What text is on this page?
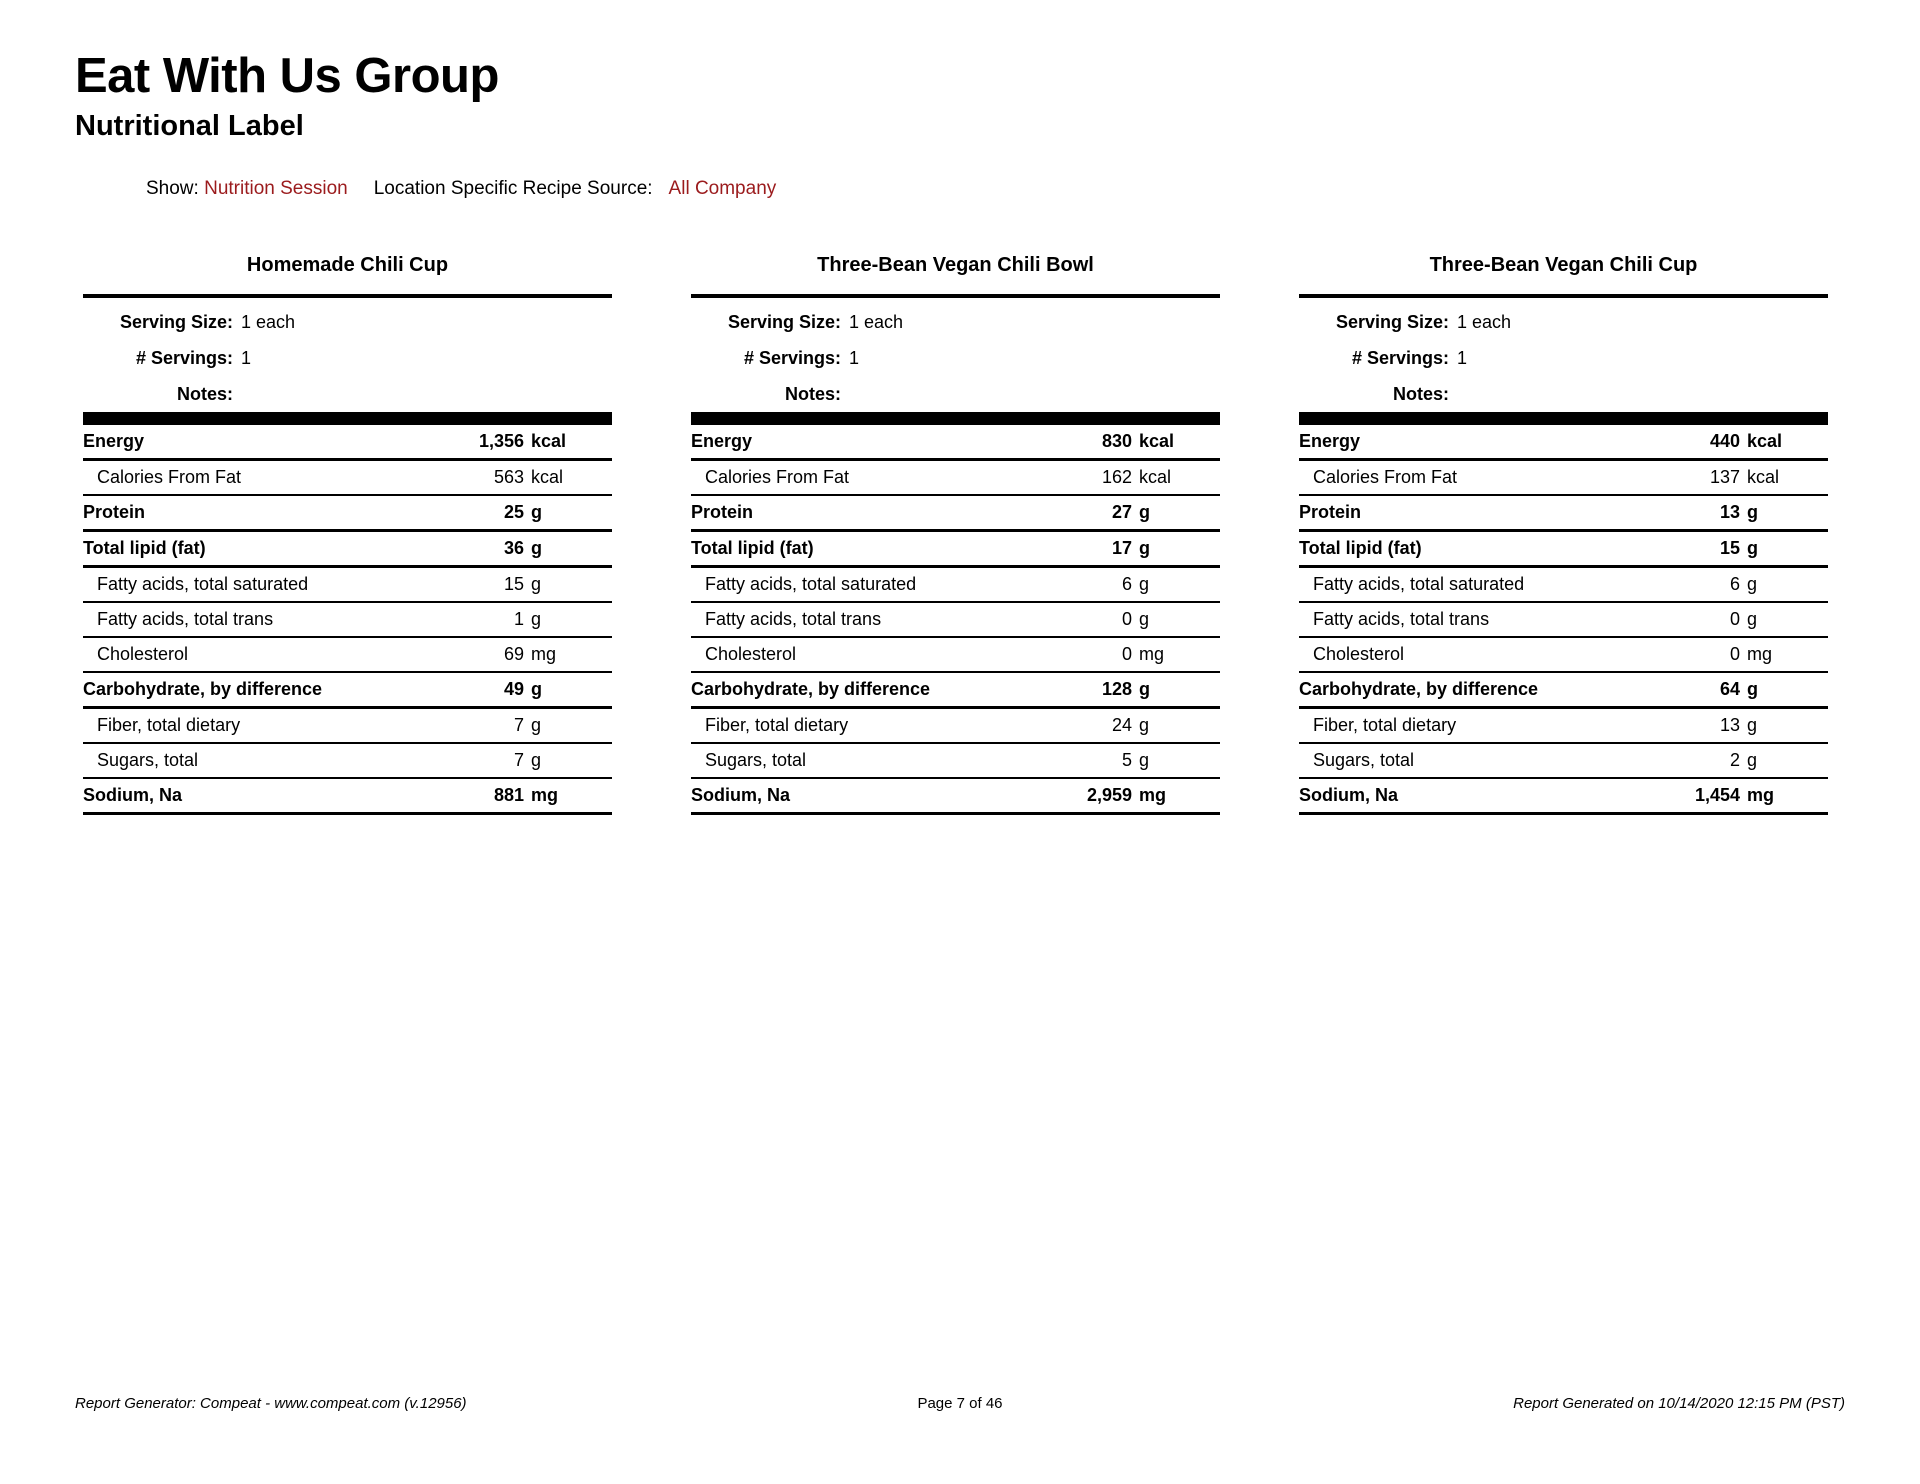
Eat With Us Group
Nutritional Label
Show: Nutrition Session Location Specific Recipe Source: All Company
Homemade Chili Cup
Serving Size: 1 each
# Servings: 1
Notes:
Energy	1,356 kcal
Calories From Fat	563 kcal
Protein	25 g
Total lipid (fat)	36 g
Fatty acids, total saturated	15 g
Fatty acids, total trans	1 g
Cholesterol	69 mg
Carbohydrate, by difference	49 g
Fiber, total dietary	7 g
Sugars, total	7 g
Sodium, Na	881 mg
Three-Bean Vegan Chili Bowl
Serving Size: 1 each
# Servings: 1
Notes:
Energy	830 kcal
Calories From Fat	162 kcal
Protein	27 g
Total lipid (fat)	17 g
Fatty acids, total saturated	6 g
Fatty acids, total trans	0 g
Cholesterol	0 mg
Carbohydrate, by difference	128 g
Fiber, total dietary	24 g
Sugars, total	5 g
Sodium, Na	2,959 mg
Three-Bean Vegan Chili Cup
Serving Size: 1 each
# Servings: 1
Notes:
Energy	440 kcal
Calories From Fat	137 kcal
Protein	13 g
Total lipid (fat)	15 g
Fatty acids, total saturated	6 g
Fatty acids, total trans	0 g
Cholesterol	0 mg
Carbohydrate, by difference	64 g
Fiber, total dietary	13 g
Sugars, total	2 g
Sodium, Na	1,454 mg
Report Generator: Compeat - www.compeat.com (v.12956)	Page 7 of 46	Report Generated on 10/14/2020 12:15 PM (PST)
